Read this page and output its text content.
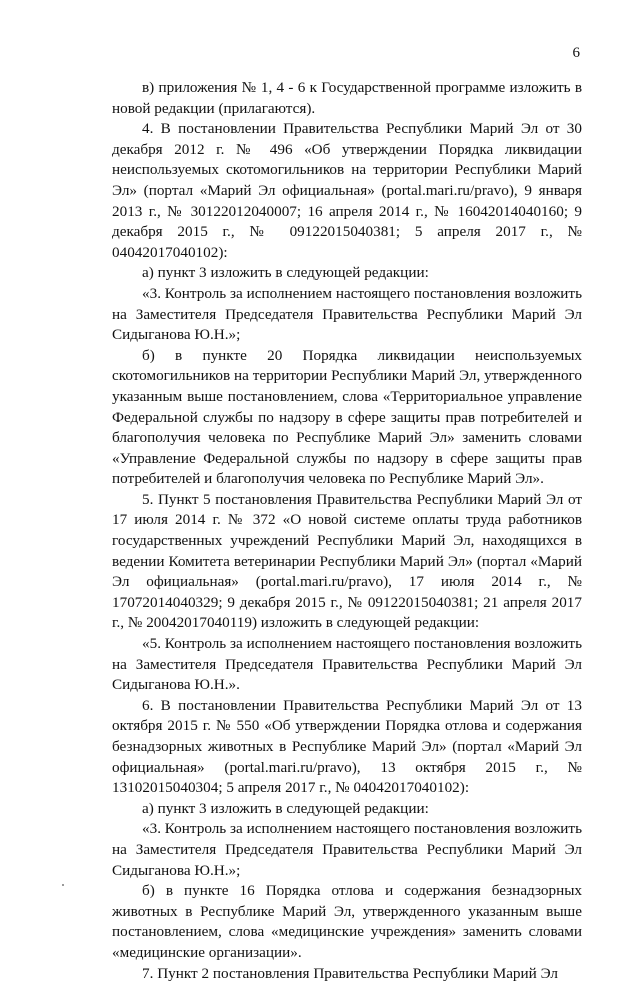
6

в) приложения № 1, 4 - 6 к Государственной программе изложить в новой редакции (прилагаются).

4. В постановлении Правительства Республики Марий Эл от 30 декабря 2012 г. № 496 «Об утверждении Порядка ликвидации неиспользуемых скотомогильников на территории Республики Марий Эл» (портал «Марий Эл официальная» (portal.mari.ru/pravo), 9 января 2013 г., № 30122012040007; 16 апреля 2014 г., № 16042014040160; 9 декабря 2015 г., № 09122015040381; 5 апреля 2017 г., № 04042017040102):

а) пункт 3 изложить в следующей редакции:

«3. Контроль за исполнением настоящего постановления возложить на Заместителя Председателя Правительства Республики Марий Эл Сидыганова Ю.Н.»;

б) в пункте 20 Порядка ликвидации неиспользуемых скотомогильников на территории Республики Марий Эл, утвержденного указанным выше постановлением, слова «Территориальное управление Федеральной службы по надзору в сфере защиты прав потребителей и благополучия человека по Республике Марий Эл» заменить словами «Управление Федеральной службы по надзору в сфере защиты прав потребителей и благополучия человека по Республике Марий Эл».

5. Пункт 5 постановления Правительства Республики Марий Эл от 17 июля 2014 г. № 372 «О новой системе оплаты труда работников государственных учреждений Республики Марий Эл, находящихся в ведении Комитета ветеринарии Республики Марий Эл» (портал «Марий Эл официальная» (portal.mari.ru/pravo), 17 июля 2014 г., № 17072014040329; 9 декабря 2015 г., № 09122015040381; 21 апреля 2017 г., № 20042017040119) изложить в следующей редакции:

«5. Контроль за исполнением настоящего постановления возложить на Заместителя Председателя Правительства Республики Марий Эл Сидыганова Ю.Н.».

6. В постановлении Правительства Республики Марий Эл от 13 октября 2015 г. № 550 «Об утверждении Порядка отлова и содержания безнадзорных животных в Республике Марий Эл» (портал «Марий Эл официальная» (portal.mari.ru/pravo), 13 октября 2015 г., № 13102015040304; 5 апреля 2017 г., № 04042017040102):

а) пункт 3 изложить в следующей редакции:

«3. Контроль за исполнением настоящего постановления возложить на Заместителя Председателя Правительства Республики Марий Эл Сидыганова Ю.Н.»;

б) в пункте 16 Порядка отлова и содержания безнадзорных животных в Республике Марий Эл, утвержденного указанным выше постановлением, слова «медицинские учреждения» заменить словами «медицинские организации».

7. Пункт 2 постановления Правительства Республики Марий Эл
